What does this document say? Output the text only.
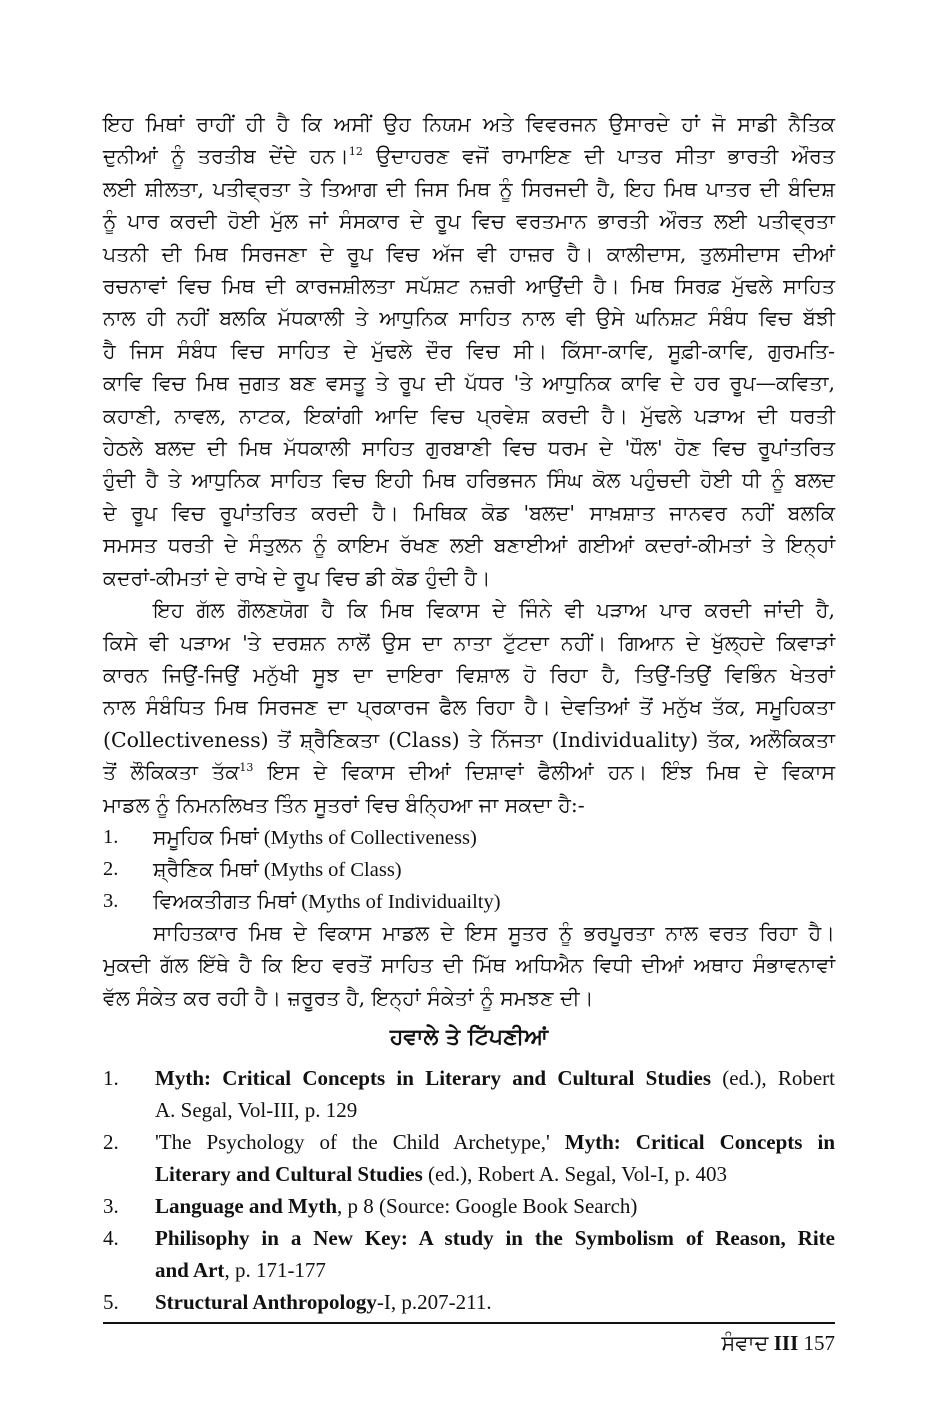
ਇਹ ਮਿਥਾਂ ਰਾਹੀਂ ਹੀ ਹੈ ਕਿ ਅਸੀਂ ਉਹ ਨਿਯਮ ਅਤੇ ਵਿਵਰਜਨ ਉਸਾਰਦੇ ਹਾਂ ਜੋ ਸਾਡੀ ਨੈਤਿਕ

ਦੁਨੀਆਂ ਨੂੰ ਤਰਤੀਬ ਦੇਂਦੇ ਹਨ।$^{12}$ ਉਦਾਹਰਣ ਵਜੋਂ ਰਾਮਾਇਣ ਦੀ ਪਾਤਰ ਸੀਤਾ ਭਾਰਤੀ ਔਰਤ

ਲਈ ਸ਼ੀਲਤਾ, ਪਤੀਵ੍ਰਤਾ ਤੇ ਤਿਆਗ ਦੀ ਜਿਸ ਮਿਥ ਨੂੰ ਸਿਰਜਦੀ ਹੈ, ਇਹ ਮਿਥ ਪਾਤਰ ਦੀ ਬੰਦਿਸ਼

ਨੂੰ ਪਾਰ ਕਰਦੀ ਹੋਈ ਮੁੱਲ ਜਾਂ ਸੰਸਕਾਰ ਦੇ ਰੂਪ ਵਿਚ ਵਰਤਮਾਨ ਭਾਰਤੀ ਔਰਤ ਲਈ ਪਤੀਵ੍ਰਤਾ

ਪਤਨੀ ਦੀ ਮਿਥ ਸਿਰਜਣਾ ਦੇ ਰੂਪ ਵਿਚ ਅੱਜ ਵੀ ਹਾਜ਼ਰ ਹੈ। ਕਾਲੀਦਾਸ, ਤੁਲਸੀਦਾਸ ਦੀਆਂ

ਰਚਨਾਵਾਂ ਵਿਚ ਮਿਥ ਦੀ ਕਾਰਜਸ਼ੀਲਤਾ ਸਪੱਸ਼ਟ ਨਜ਼ਰੀ ਆਉਂਦੀ ਹੈ। ਮਿਥ ਸਿਰਫ਼ ਮੁੱਢਲੇ ਸਾਹਿਤ

ਨਾਲ ਹੀ ਨਹੀਂ ਬਲਕਿ ਮੱਧਕਾਲੀ ਤੇ ਆਧੁਨਿਕ ਸਾਹਿਤ ਨਾਲ ਵੀ ਉਸੇ ਘਨਿਸ਼ਟ ਸੰਬੰਧ ਵਿਚ ਬੱਝੀ

ਹੈ ਜਿਸ ਸੰਬੰਧ ਵਿਚ ਸਾਹਿਤ ਦੇ ਮੁੱਢਲੇ ਦੌਰ ਵਿਚ ਸੀ। ਕਿੱਸਾ-ਕਾਵਿ, ਸੂਫ਼ੀ-ਕਾਵਿ, ਗੁਰਮਤਿ-

ਕਾਵਿ ਵਿਚ ਮਿਥ ਜੁਗਤ ਬਣ ਵਸਤੂ ਤੇ ਰੂਪ ਦੀ ਪੱਧਰ 'ਤੇ ਆਧੁਨਿਕ ਕਾਵਿ ਦੇ ਹਰ ਰੂਪ—ਕਵਿਤਾ,

ਕਹਾਣੀ, ਨਾਵਲ, ਨਾਟਕ, ਇਕਾਂਗੀ ਆਦਿ ਵਿਚ ਪ੍ਰਵੇਸ਼ ਕਰਦੀ ਹੈ। ਮੁੱਢਲੇ ਪੜਾਅ ਦੀ ਧਰਤੀ

ਹੇਠਲੇ ਬਲਦ ਦੀ ਮਿਥ ਮੱਧਕਾਲੀ ਸਾਹਿਤ ਗੁਰਬਾਣੀ ਵਿਚ ਧਰਮ ਦੇ 'ਧੌਲ' ਹੋਣ ਵਿਚ ਰੂਪਾਂਤਰਿਤ

ਹੁੰਦੀ ਹੈ ਤੇ ਆਧੁਨਿਕ ਸਾਹਿਤ ਵਿਚ ਇਹੀ ਮਿਥ ਹਰਿਭਜਨ ਸਿੰਘ ਕੋਲ ਪਹੁੰਚਦੀ ਹੋਈ ਧੀ ਨੂੰ ਬਲਦ

ਦੇ ਰੂਪ ਵਿਚ ਰੂਪਾਂਤਰਿਤ ਕਰਦੀ ਹੈ। ਮਿਥਿਕ ਕੋਡ 'ਬਲਦ' ਸਾਖ਼ਸ਼ਾਤ ਜਾਨਵਰ ਨਹੀਂ ਬਲਕਿ

ਸਮਸਤ ਧਰਤੀ ਦੇ ਸੰਤੁਲਨ ਨੂੰ ਕਾਇਮ ਰੱਖਣ ਲਈ ਬਣਾਈਆਂ ਗਈਆਂ ਕਦਰਾਂ-ਕੀਮਤਾਂ ਤੇ ਇਨ੍ਹਾਂ

ਕਦਰਾਂ-ਕੀਮਤਾਂ ਦੇ ਰਾਖੇ ਦੇ ਰੂਪ ਵਿਚ ਡੀ ਕੋਡ ਹੁੰਦੀ ਹੈ।

ਇਹ ਗੱਲ ਗੌਲਣਯੋਗ ਹੈ ਕਿ ਮਿਥ ਵਿਕਾਸ ਦੇ ਜਿੰਨੇ ਵੀ ਪੜਾਅ ਪਾਰ ਕਰਦੀ ਜਾਂਦੀ ਹੈ,

ਕਿਸੇ ਵੀ ਪੜਾਅ 'ਤੇ ਦਰਸ਼ਨ ਨਾਲੋਂ ਉਸ ਦਾ ਨਾਤਾ ਟੁੱਟਦਾ ਨਹੀਂ। ਗਿਆਨ ਦੇ ਖੁੱਲ੍ਹਦੇ ਕਿਵਾੜਾਂ

ਕਾਰਨ ਜਿਉਂ-ਜਿਉਂ ਮਨੁੱਖੀ ਸੂਝ ਦਾ ਦਾਇਰਾ ਵਿਸ਼ਾਲ ਹੋ ਰਿਹਾ ਹੈ, ਤਿਉਂ-ਤਿਉਂ ਵਿਭਿੰਨ ਖੇਤਰਾਂ

ਨਾਲ ਸੰਬੰਧਿਤ ਮਿਥ ਸਿਰਜਣ ਦਾ ਪ੍ਰਕਾਰਜ ਫੈਲ ਰਿਹਾ ਹੈ। ਦੇਵਤਿਆਂ ਤੋਂ ਮਨੁੱਖ ਤੱਕ, ਸਮੂਹਿਕਤਾ

(Collectiveness) ਤੋਂ ਸ਼੍ਰੈਣਿਕਤਾ (Class) ਤੇ ਨਿੱਜਤਾ (Individuality) ਤੱਕ, ਅਲੌਕਿਕਤਾ

ਤੋਂ ਲੌਕਿਕਤਾ ਤੱਕ$^{13}$ ਇਸ ਦੇ ਵਿਕਾਸ ਦੀਆਂ ਦਿਸ਼ਾਵਾਂ ਫੈਲੀਆਂ ਹਨ। ਇੰਝ ਮਿਥ ਦੇ ਵਿਕਾਸ

ਮਾਡਲ ਨੂੰ ਨਿਮਨਲਿਖਤ ਤਿੰਨ ਸੂਤਰਾਂ ਵਿਚ ਬੰਨ੍ਹਿਆ ਜਾ ਸਕਦਾ ਹੈ:-

1.	ਸਮੂਹਿਕ ਮਿਥਾਂ (Myths of Collectiveness)
2.	ਸ਼੍ਰੈਣਿਕ ਮਿਥਾਂ (Myths of Class)
3.	ਵਿਅਕਤੀਗਤ ਮਿਥਾਂ (Myths of Individuailty)

ਸਾਹਿਤਕਾਰ ਮਿਥ ਦੇ ਵਿਕਾਸ ਮਾਡਲ ਦੇ ਇਸ ਸੂਤਰ ਨੂੰ ਭਰਪੂਰਤਾ ਨਾਲ ਵਰਤ ਰਿਹਾ ਹੈ।

ਮੁਕਦੀ ਗੱਲ ਇੱਥੇ ਹੈ ਕਿ ਇਹ ਵਰਤੋਂ ਸਾਹਿਤ ਦੀ ਮਿੱਥ ਅਧਿਐਨ ਵਿਧੀ ਦੀਆਂ ਅਥਾਹ ਸੰਭਾਵਨਾਵਾਂ

ਵੱਲ ਸੰਕੇਤ ਕਰ ਰਹੀ ਹੈ। ਜ਼ਰੂਰਤ ਹੈ, ਇਨ੍ਹਾਂ ਸੰਕੇਤਾਂ ਨੂੰ ਸਮਝਣ ਦੀ।

ਹਵਾਲੇ ਤੇ ਟਿੱਪਣੀਆਂ
1.	Myth: Critical Concepts in Literary and Cultural Studies (ed.), Robert
A. Segal, Vol-III, p. 129
2.	'The Psychology of the Child Archetype,' Myth: Critical Concepts in
Literary and Cultural Studies (ed.), Robert A. Segal, Vol-I, p. 403
3.	Language and Myth, p 8 (Source: Google Book Search)
4.	Philisophy in a New Key: A study in the Symbolism of Reason, Rite
and Art, p. 171-177
5.	Structural Anthropology-I, p.207-211.
ਸੰਵਾਦ III 157
